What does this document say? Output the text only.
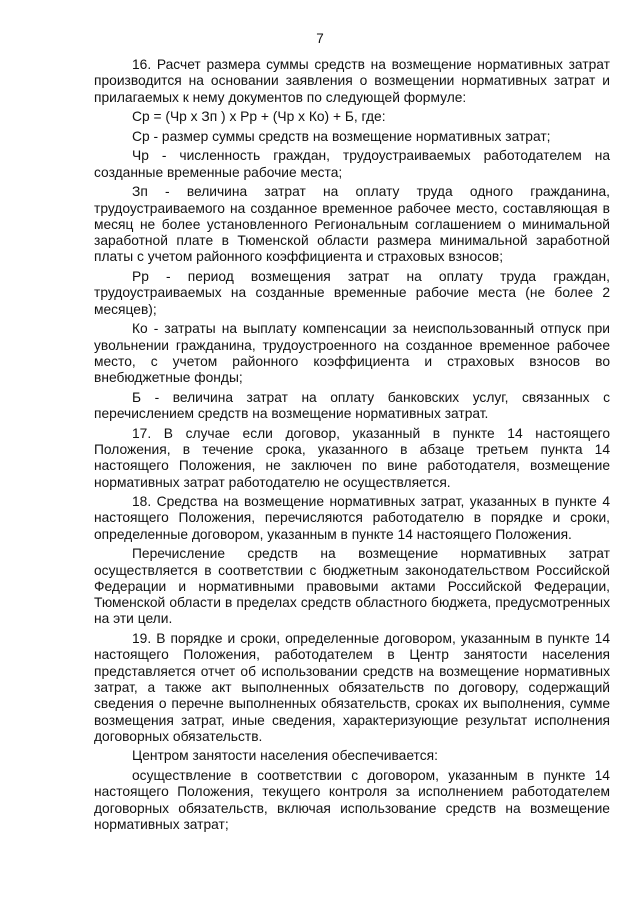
7

16. Расчет размера суммы средств на возмещение нормативных затрат производится на основании заявления о возмещении нормативных затрат и прилагаемых к нему документов по следующей формуле:

Ср = (Чр х Зп ) х Рр + (Чр х Ко) + Б, где:

Ср - размер суммы средств на возмещение нормативных затрат;

Чр - численность граждан, трудоустраиваемых работодателем на созданные временные рабочие места;

Зп - величина затрат на оплату труда одного гражданина, трудоустраиваемого на созданное временное рабочее место, составляющая в месяц не более установленного Региональным соглашением о минимальной заработной плате в Тюменской области размера минимальной заработной платы с учетом районного коэффициента и страховых взносов;

Рр - период возмещения затрат на оплату труда граждан, трудоустраиваемых на созданные временные рабочие места (не более 2 месяцев);

Ко - затраты на выплату компенсации за неиспользованный отпуск при увольнении гражданина, трудоустроенного на созданное временное рабочее место, с учетом районного коэффициента и страховых взносов во внебюджетные фонды;

Б - величина затрат на оплату банковских услуг, связанных с перечислением средств на возмещение нормативных затрат.

17. В случае если договор, указанный в пункте 14 настоящего Положения, в течение срока, указанного в абзаце третьем пункта 14 настоящего Положения, не заключен по вине работодателя, возмещение нормативных затрат работодателю не осуществляется.

18. Средства на возмещение нормативных затрат, указанных в пункте 4 настоящего Положения, перечисляются работодателю в порядке и сроки, определенные договором, указанным в пункте 14 настоящего Положения.

Перечисление средств на возмещение нормативных затрат осуществляется в соответствии с бюджетным законодательством Российской Федерации и нормативными правовыми актами Российской Федерации, Тюменской области в пределах средств областного бюджета, предусмотренных на эти цели.

19. В порядке и сроки, определенные договором, указанным в пункте 14 настоящего Положения, работодателем в Центр занятости населения представляется отчет об использовании средств на возмещение нормативных затрат, а также акт выполненных обязательств по договору, содержащий сведения о перечне выполненных обязательств, сроках их выполнения, сумме возмещения затрат, иные сведения, характеризующие результат исполнения договорных обязательств.

Центром занятости населения обеспечивается:

осуществление в соответствии с договором, указанным в пункте 14 настоящего Положения, текущего контроля за исполнением работодателем договорных обязательств, включая использование средств на возмещение нормативных затрат;
